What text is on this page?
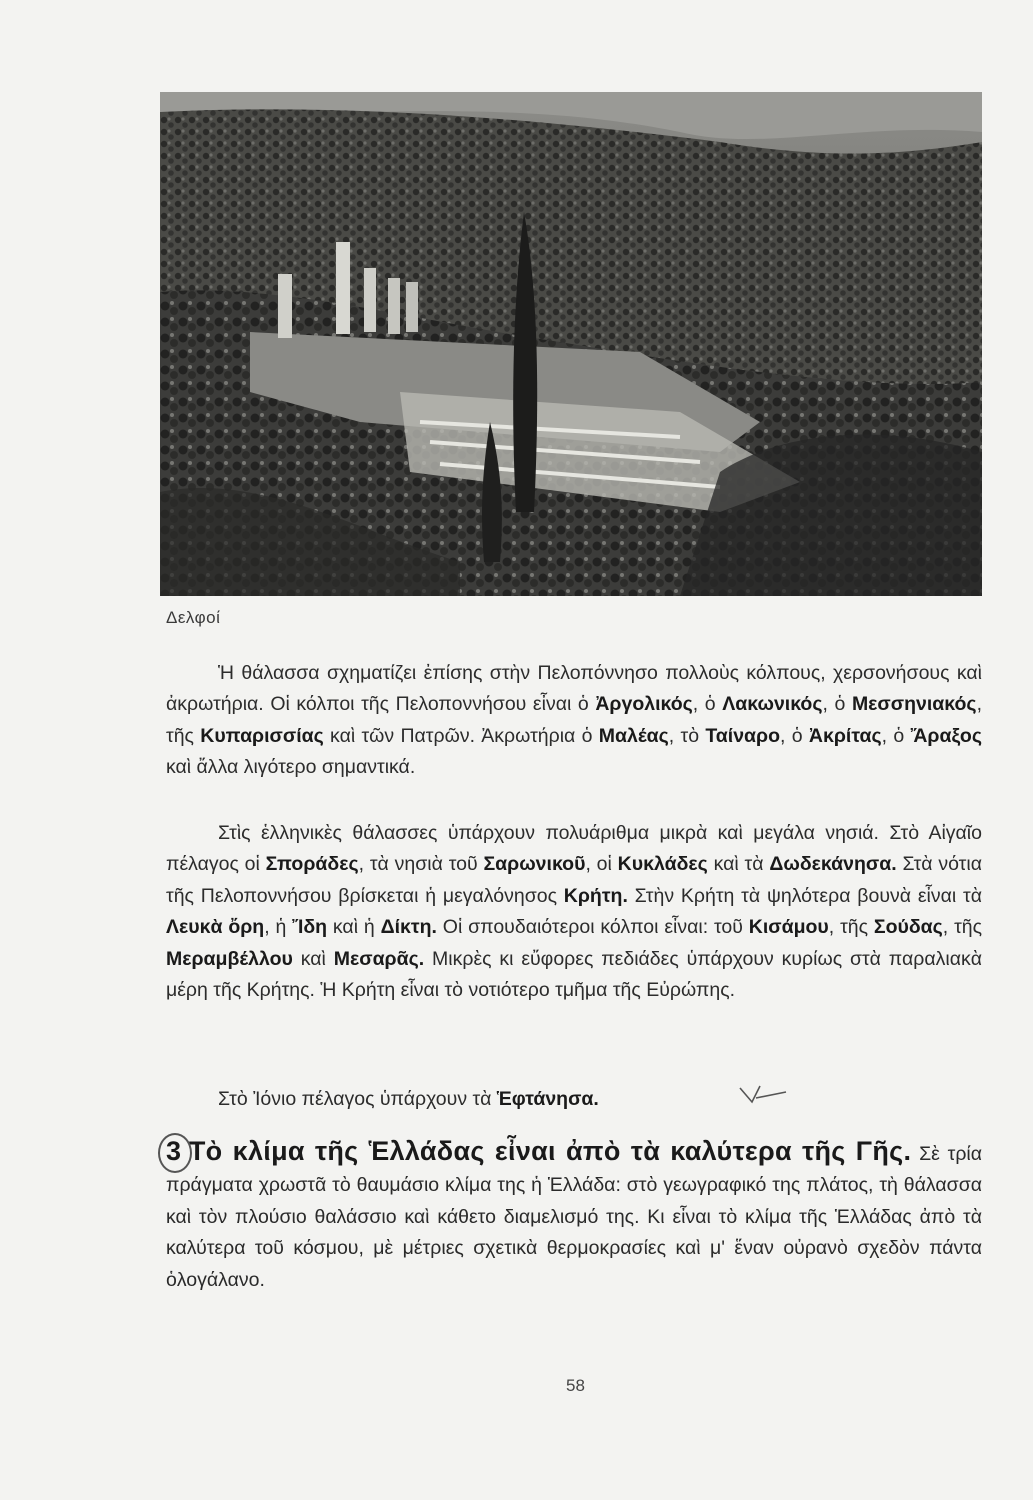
Δελφοί
Ἡ θάλασσα σχηματίζει ἐπίσης στὴν Πελοπόννησο πολλοὺς κόλπους, χερσονήσους καὶ ἀκρωτήρια. Οἱ κόλποι τῆς Πελοποννήσου εἶναι ὁ Ἀργολικός, ὁ Λακωνικός, ὁ Μεσσηνιακός, τῆς Κυπαρισσίας καὶ τῶν Πατρῶν. Ἀκρωτήρια ὁ Μαλέας, τὸ Ταίναρο, ὁ Ἀκρίτας, ὁ Ἄραξος καὶ ἄλλα λιγότερο σημαντικά.
Στὶς ἑλληνικὲς θάλασσες ὑπάρχουν πολυάριθμα μικρὰ καὶ μεγάλα νησιά. Στὸ Αἰγαῖο πέλαγος οἱ Σποράδες, τὰ νησιὰ τοῦ Σαρωνικοῦ, οἱ Κυκλάδες καὶ τὰ Δωδεκάνησα. Στὰ νότια τῆς Πελοποννήσου βρίσκεται ἡ μεγαλόνησος Κρήτη. Στὴν Κρήτη τὰ ψηλότερα βουνὰ εἶναι τὰ Λευκὰ ὄρη, ἡ Ἴδη καὶ ἡ Δίκτη. Οἱ σπουδαιότεροι κόλποι εἶναι: τοῦ Κισάμου, τῆς Σούδας, τῆς Μεραμβέλλου καὶ Μεσαρᾶς. Μικρὲς κι εὔφορες πεδιάδες ὑπάρχουν κυρίως στὰ παραλιακὰ μέρη τῆς Κρήτης. Ἡ Κρήτη εἶναι τὸ νοτιότερο τμῆμα τῆς Εὐρώπης.
Στὸ Ἰόνιο πέλαγος ὑπάρχουν τὰ Ἑφτάνησα.
3 Τὸ κλίμα τῆς Ἑλλάδας εἶναι ἀπὸ τὰ καλύτερα τῆς Γῆς. Σὲ τρία πράγματα χρωστᾶ τὸ θαυμάσιο κλίμα της ἡ Ἑλλάδα: στὸ γεωγραφικό της πλάτος, τὴ θάλασσα καὶ τὸν πλούσιο θαλάσσιο καὶ κάθετο διαμελισμό της. Κι εἶναι τὸ κλίμα τῆς Ἑλλάδας ἀπὸ τὰ καλύτερα τοῦ κόσμου, μὲ μέτριες σχετικὰ θερμοκρασίες καὶ μ' ἕναν οὐρανὸ σχεδὸν πάντα ὁλογάλανο.
58
